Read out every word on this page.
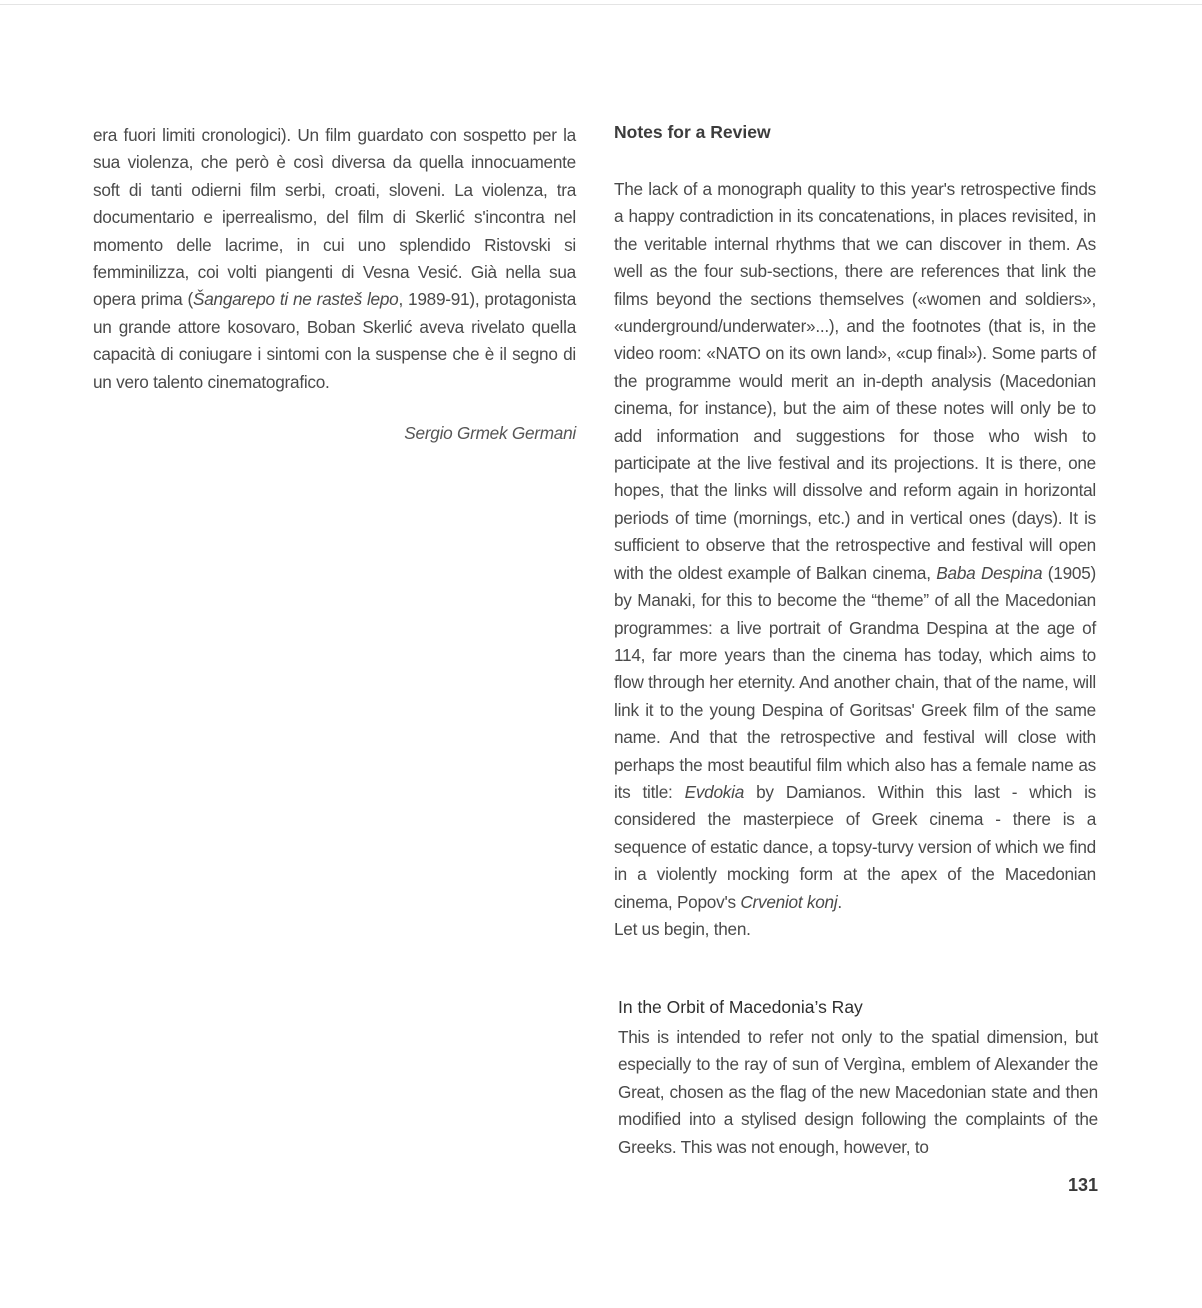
era fuori limiti cronologici). Un film guardato con sospetto per la sua violenza, che però è così diversa da quella innocuamente soft di tanti odierni film serbi, croati, sloveni. La violenza, tra documentario e iperrealismo, del film di Skerlić s'incontra nel momento delle lacrime, in cui uno splendido Ristovski si femminilizza, coi volti piangenti di Vesna Vesić. Già nella sua opera prima (Šangarepo ti ne rasteš lepo, 1989-91), protagonista un grande attore kosovaro, Boban Skerlić aveva rivelato quella capacità di coniugare i sintomi con la suspense che è il segno di un vero talento cinematografico.

Sergio Grmek Germani
Notes for a Review

The lack of a monograph quality to this year's retrospective finds a happy contradiction in its concatenations, in places revisited, in the veritable internal rhythms that we can discover in them. As well as the four sub-sections, there are references that link the films beyond the sections themselves («women and soldiers», «underground/underwater»...), and the footnotes (that is, in the video room: «NATO on its own land», «cup final»). Some parts of the programme would merit an in-depth analysis (Macedonian cinema, for instance), but the aim of these notes will only be to add information and suggestions for those who wish to participate at the live festival and its projections. It is there, one hopes, that the links will dissolve and reform again in horizontal periods of time (mornings, etc.) and in vertical ones (days). It is sufficient to observe that the retrospective and festival will open with the oldest example of Balkan cinema, Baba Despina (1905) by Manaki, for this to become the “theme” of all the Macedonian programmes: a live portrait of Grandma Despina at the age of 114, far more years than the cinema has today, which aims to flow through her eternity. And another chain, that of the name, will link it to the young Despina of Goritsas' Greek film of the same name. And that the retrospective and festival will close with perhaps the most beautiful film which also has a female name as its title: Evdokia by Damianos. Within this last - which is considered the masterpiece of Greek cinema - there is a sequence of estatic dance, a topsy-turvy version of which we find in a violently mocking form at the apex of the Macedonian cinema, Popov's Crveniot konj.

Let us begin, then.

In the Orbit of Macedonia’s Ray

This is intended to refer not only to the spatial dimension, but especially to the ray of sun of Vergìna, emblem of Alexander the Great, chosen as the flag of the new Macedonian state and then modified into a stylised design following the complaints of the Greeks. This was not enough, however, to

131
